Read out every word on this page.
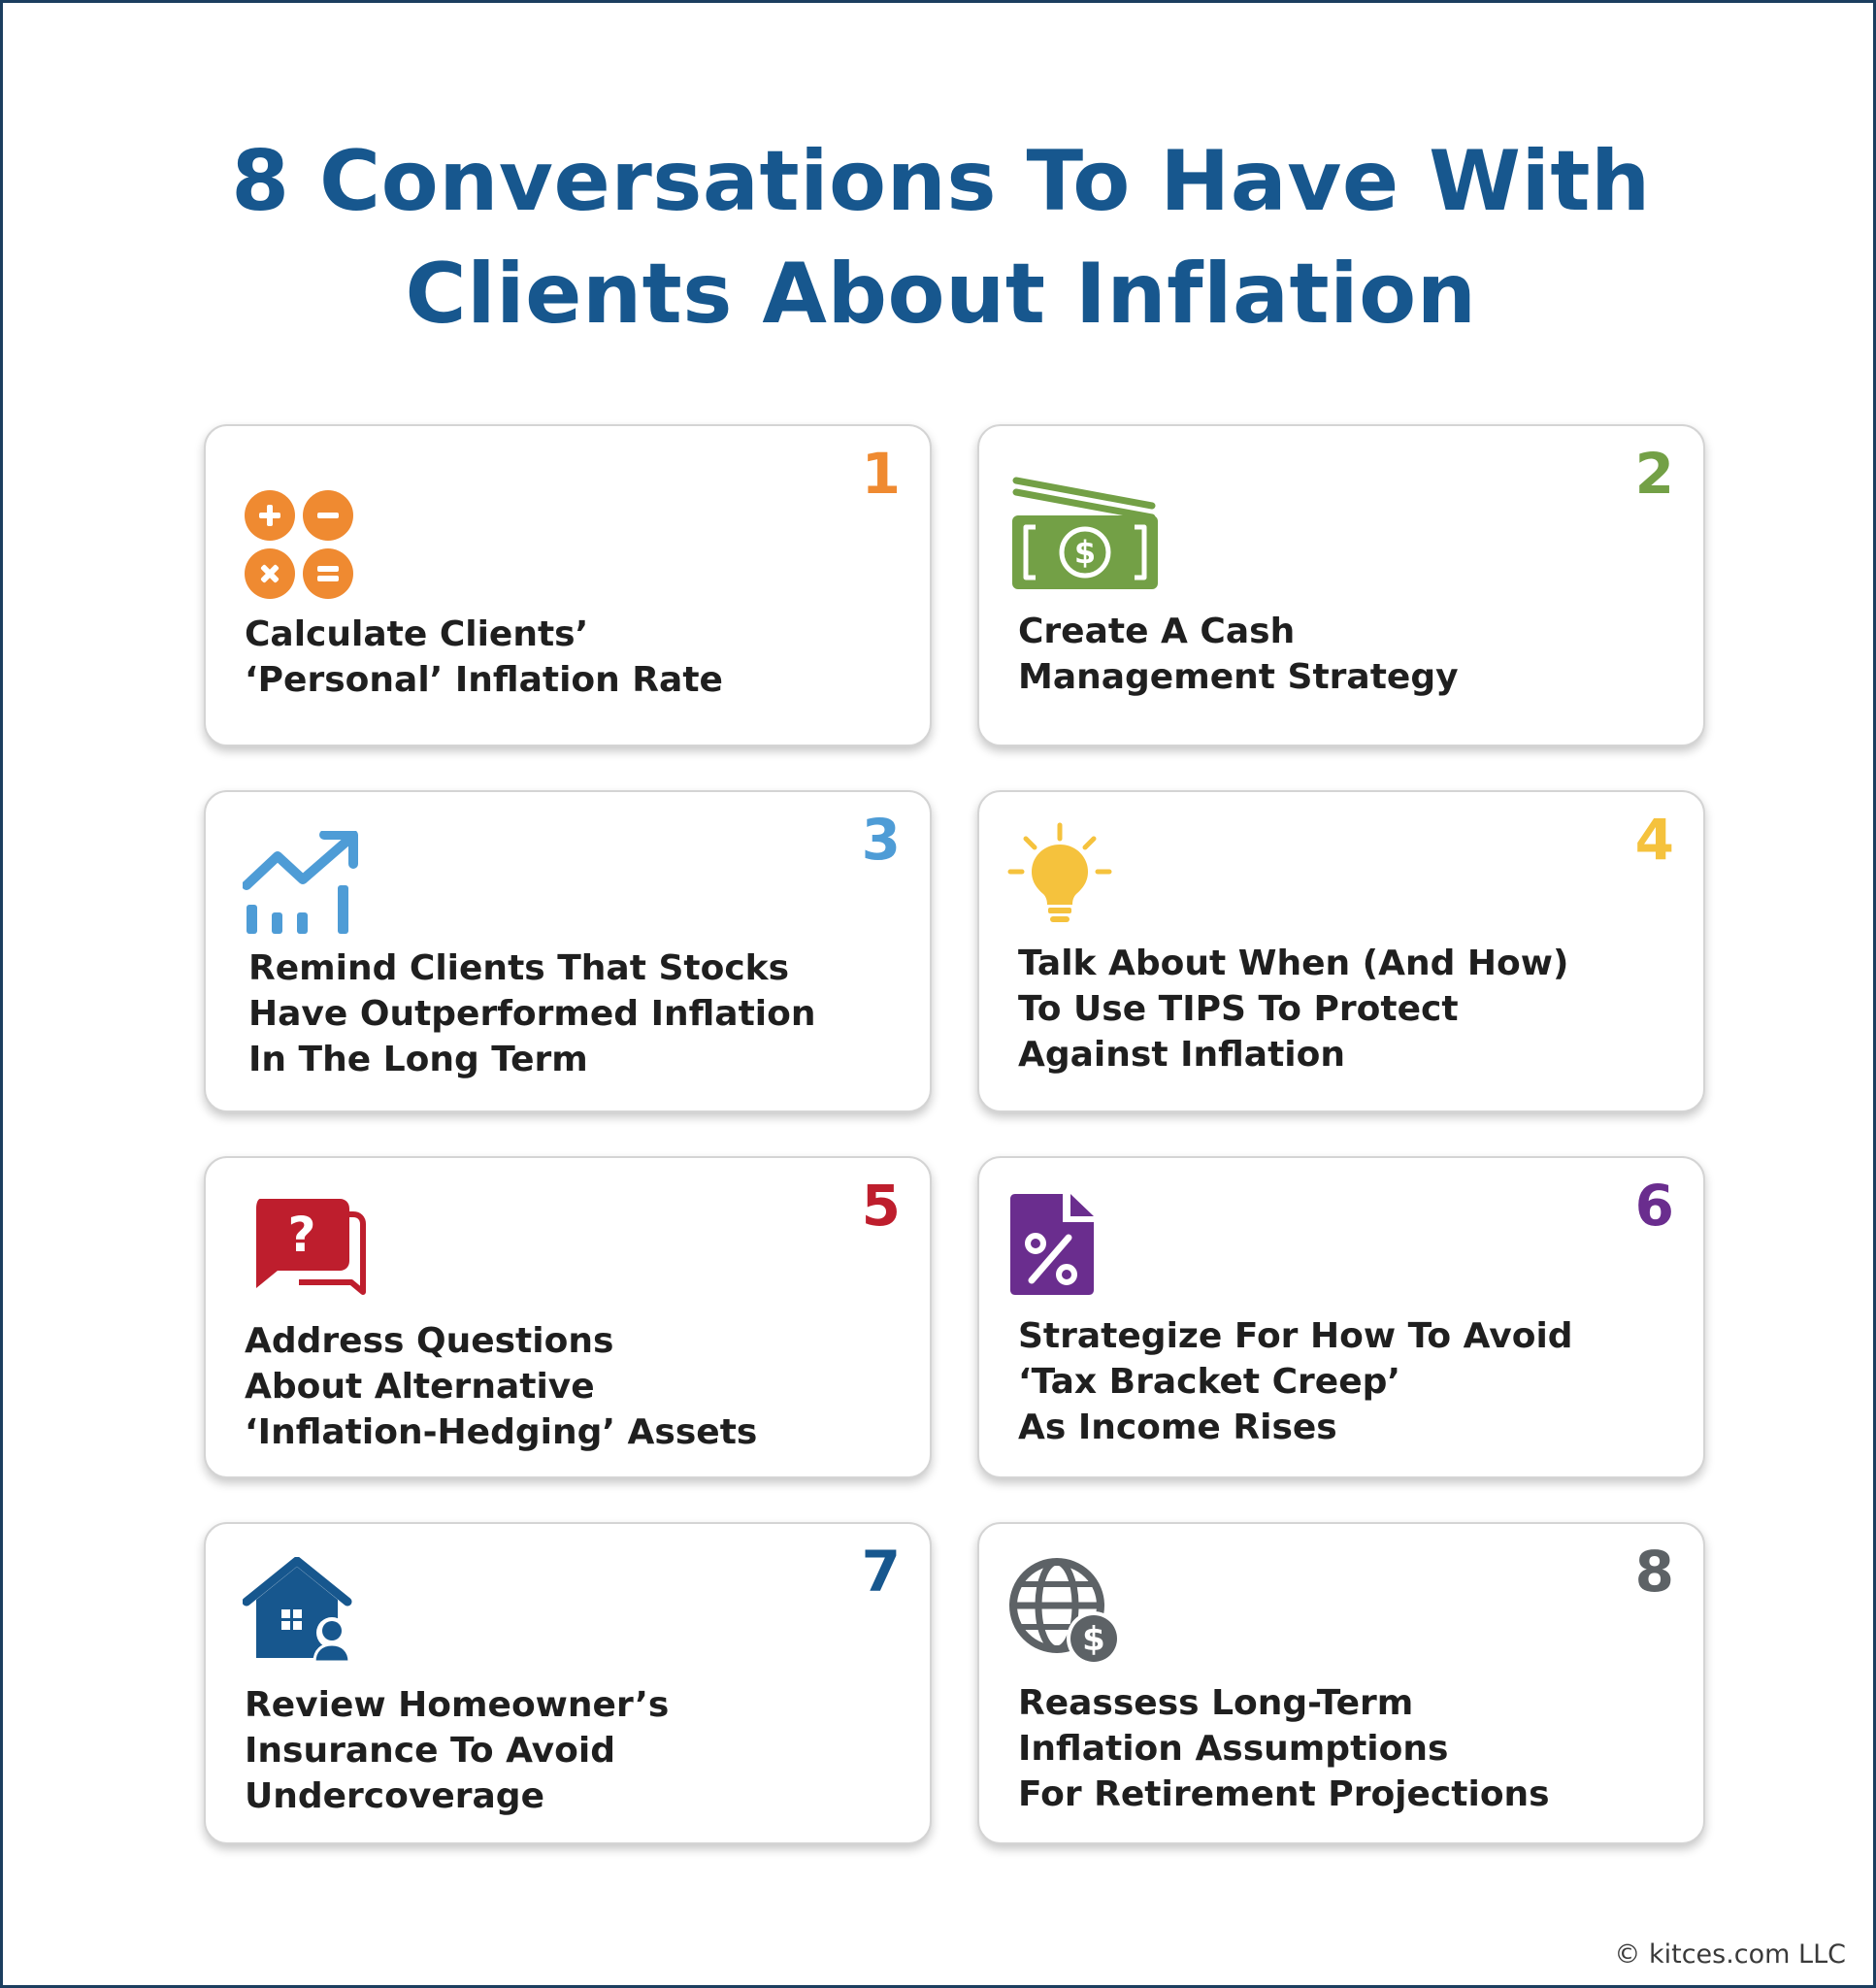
8 Conversations To Have With
Clients About Inflation
1
Calculate Clients’
‘Personal’ Inflation Rate
2
$
Create A Cash
Management Strategy
3
Remind Clients That Stocks
Have Outperformed Inflation
In The Long Term
4
Talk About When (And How)
To Use TIPS To Protect
Against Inflation
5
?
Address Questions
About Alternative
‘Inflation-Hedging’ Assets
6
Strategize For How To Avoid
‘Tax Bracket Creep’
As Income Rises
7
Review Homeowner’s
Insurance To Avoid
Undercoverage
8
$
Reassess Long-Term
Inflation Assumptions
For Retirement Projections
© kitces.com LLC
